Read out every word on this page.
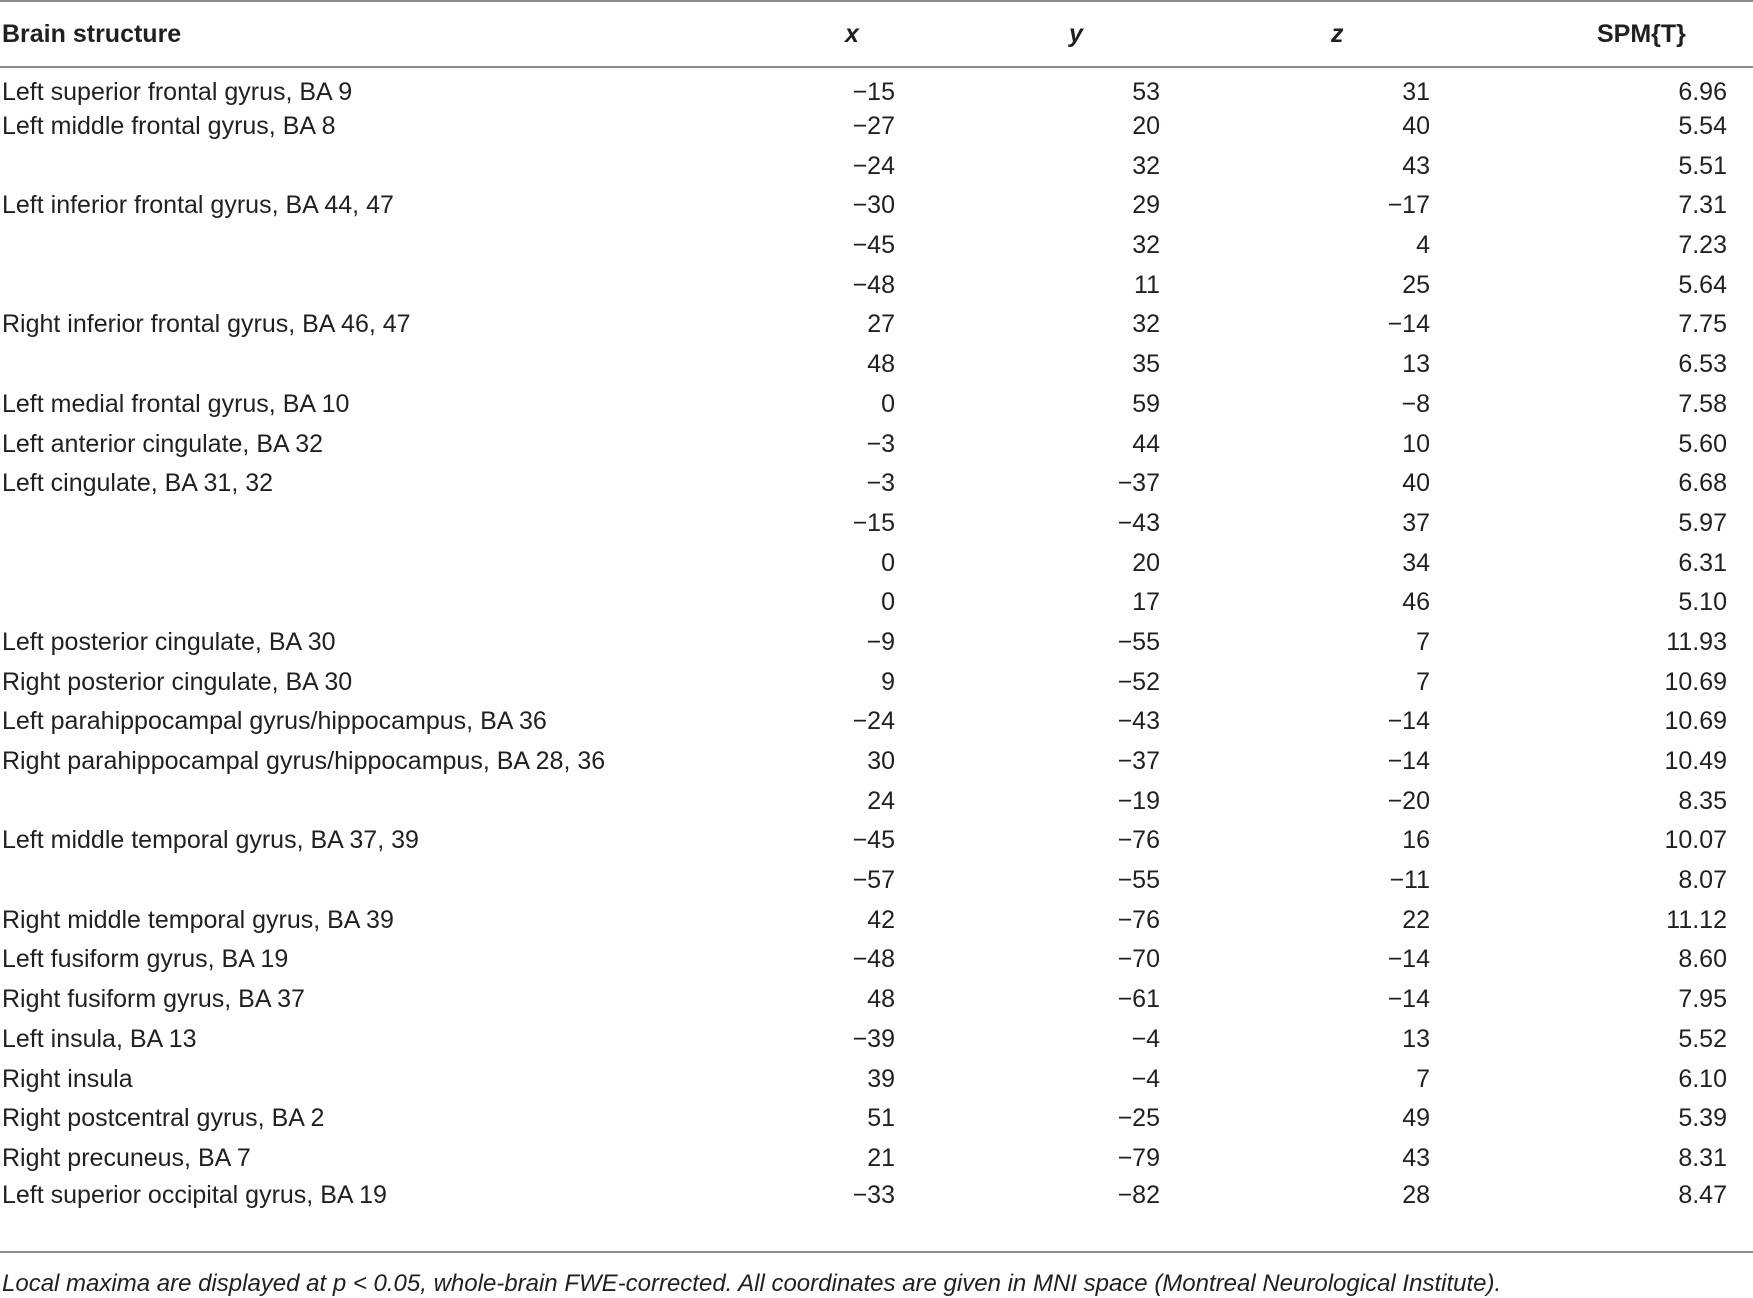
Brain structure	x	y	z	SPM{T}
Left superior frontal gyrus, BA 9	−15	53	31	6.96
Left middle frontal gyrus, BA 8	−27	20	40	5.54
	−24	32	43	5.51
Left inferior frontal gyrus, BA 44, 47	−30	29	−17	7.31
	−45	32	4	7.23
	−48	11	25	5.64
Right inferior frontal gyrus, BA 46, 47	27	32	−14	7.75
	48	35	13	6.53
Left medial frontal gyrus, BA 10	0	59	−8	7.58
Left anterior cingulate, BA 32	−3	44	10	5.60
Left cingulate, BA 31, 32	−3	−37	40	6.68
	−15	−43	37	5.97
	0	20	34	6.31
	0	17	46	5.10
Left posterior cingulate, BA 30	−9	−55	7	11.93
Right posterior cingulate, BA 30	9	−52	7	10.69
Left parahippocampal gyrus/hippocampus, BA 36	−24	−43	−14	10.69
Right parahippocampal gyrus/hippocampus, BA 28, 36	30	−37	−14	10.49
	24	−19	−20	8.35
Left middle temporal gyrus, BA 37, 39	−45	−76	16	10.07
	−57	−55	−11	8.07
Right middle temporal gyrus, BA 39	42	−76	22	11.12
Left fusiform gyrus, BA 19	−48	−70	−14	8.60
Right fusiform gyrus, BA 37	48	−61	−14	7.95
Left insula, BA 13	−39	−4	13	5.52
Right insula	39	−4	7	6.10
Right postcentral gyrus, BA 2	51	−25	49	5.39
Right precuneus, BA 7	21	−79	43	8.31
Left superior occipital gyrus, BA 19	−33	−82	28	8.47
Local maxima are displayed at p < 0.05, whole-brain FWE-corrected. All coordinates are given in MNI space (Montreal Neurological Institute).
